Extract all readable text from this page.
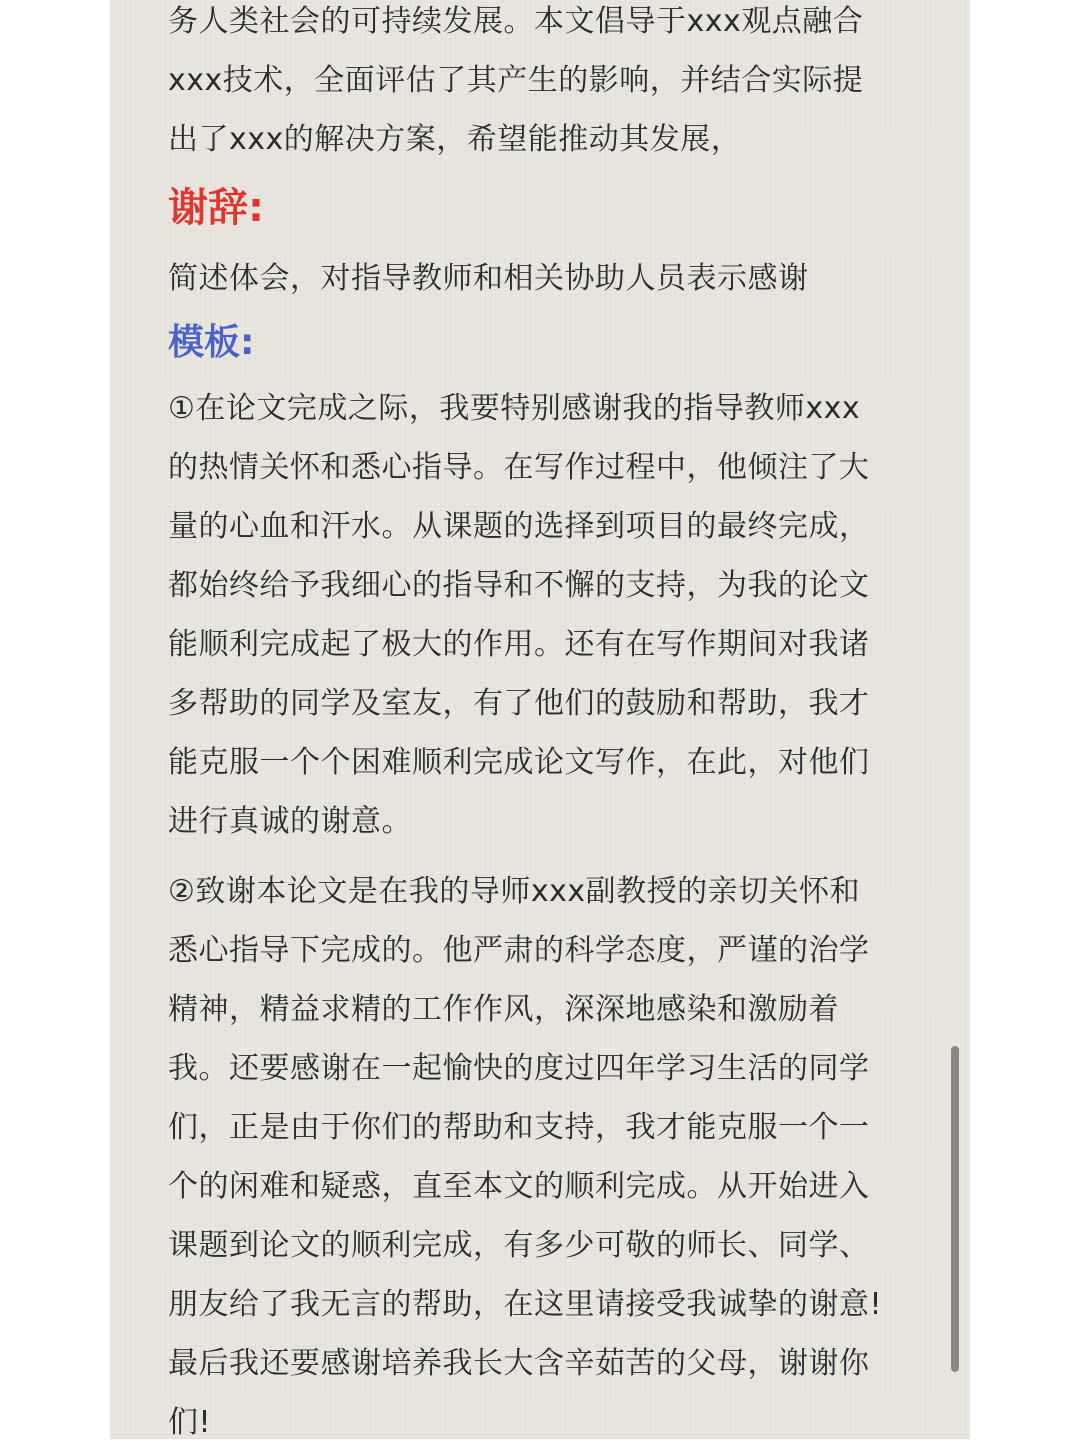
务人类社会的可持续发展。本文倡导于xxx观点融合
xxx技术，全面评估了其产生的影响，并结合实际提
出了xxx的解决方案，希望能推动其发展，
谢辞:

简述体会，对指导教师和相关协助人员表示感谢

模板:
①在论文完成之际，我要特别感谢我的指导教师xxx
的热情关怀和悉心指导。在写作过程中，他倾注了大
量的心血和汗水。从课题的选择到项目的最终完成，
都始终给予我细心的指导和不懈的支持，为我的论文
能顺利完成起了极大的作用。还有在写作期间对我诸
多帮助的同学及室友，有了他们的鼓励和帮助，我才
能克服一个个困难顺利完成论文写作，在此，对他们
进行真诚的谢意。
②致谢本论文是在我的导师xxx副教授的亲切关怀和
悉心指导下完成的。他严肃的科学态度，严谨的治学
精神，精益求精的工作作风，深深地感染和激励着
我。还要感谢在一起愉快的度过四年学习生活的同学
们，正是由于你们的帮助和支持，我才能克服一个一
个的闲难和疑惑，直至本文的顺利完成。从开始进入
课题到论文的顺利完成，有多少可敬的师长、同学、
朋友给了我无言的帮助，在这里请接受我诚挚的谢意!
最后我还要感谢培养我长大含辛茹苦的父母，谢谢你
们!
